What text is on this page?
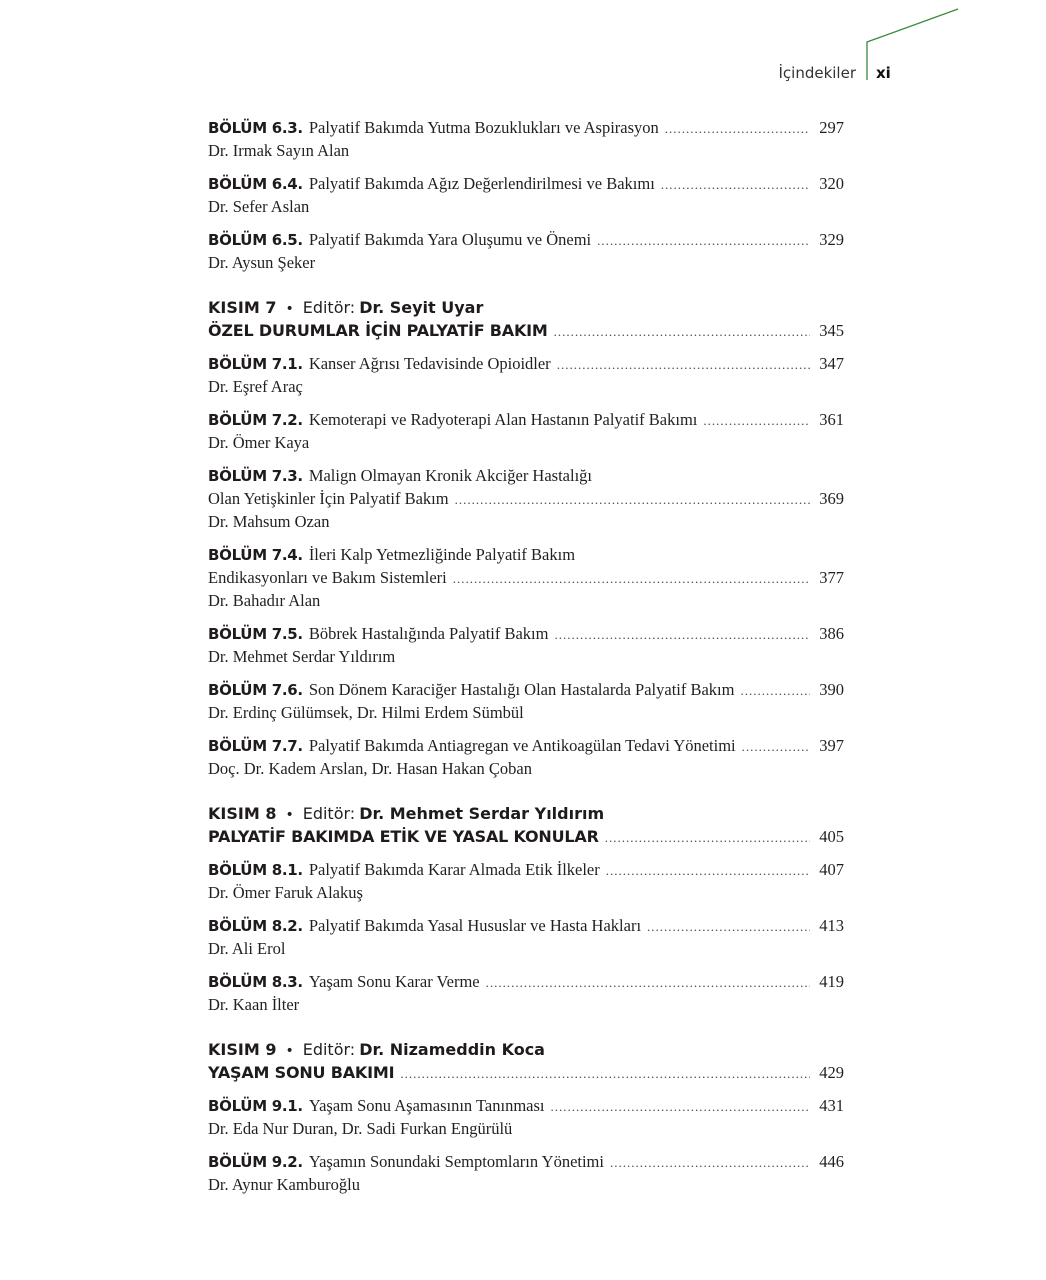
İçindekiler xi
BÖLÜM 6.3. Palyatif Bakımda Yutma Bozuklukları ve Aspirasyon .....	297
Dr. Irmak Sayın Alan
BÖLÜM 6.4. Palyatif Bakımda Ağız Değerlendirilmesi ve Bakımı .....	320
Dr. Sefer Aslan
BÖLÜM 6.5. Palyatif Bakımda Yara Oluşumu ve Önemi .....	329
Dr. Aysun Şeker
KISIM 7 • Editör:
Dr. Seyit Uyar
ÖZEL DURUMLAR İÇİN PALYATİF BAKIM .....	345
BÖLÜM 7.1. Kanser Ağrısı Tedavisinde Opioidler .....	347
Dr. Eşref Araç
BÖLÜM 7.2. Kemoterapi ve Radyoterapi Alan Hastanın Palyatif Bakımı .....	361
Dr. Ömer Kaya
BÖLÜM 7.3. Malign Olmayan Kronik Akciğer Hastalığı
Olan Yetişkinler İçin Palyatif Bakım .....	369
Dr. Mahsum Ozan
BÖLÜM 7.4. İleri Kalp Yetmezliğinde Palyatif Bakım
Endikasyonları ve Bakım Sistemleri .....	377
Dr. Bahadır Alan
BÖLÜM 7.5. Böbrek Hastalığında Palyatif Bakım .....	386
Dr. Mehmet Serdar Yıldırım
BÖLÜM 7.6. Son Dönem Karaciğer Hastalığı Olan Hastalarda Palyatif Bakım .....	390
Dr. Erdinç Gülümsek, Dr. Hilmi Erdem Sümbül
BÖLÜM 7.7. Palyatif Bakımda Antiagregan ve Antikoagülan Tedavi Yönetimi .....	397
Doç. Dr. Kadem Arslan, Dr. Hasan Hakan Çoban
KISIM 8 • Editör:
Dr. Mehmet Serdar Yıldırım
PALYATİF BAKIMDA ETİK VE YASAL KONULAR .....	405
BÖLÜM 8.1. Palyatif Bakımda Karar Almada Etik İlkeler .....	407
Dr. Ömer Faruk Alakuş
BÖLÜM 8.2. Palyatif Bakımda Yasal Hususlar ve Hasta Hakları .....	413
Dr. Ali Erol
BÖLÜM 8.3. Yaşam Sonu Karar Verme .....	419
Dr. Kaan İlter
KISIM 9 • Editör:
Dr. Nizameddin Koca
YAŞAM SONU BAKIMI .....	429
BÖLÜM 9.1. Yaşam Sonu Aşamasının Tanınması .....	431
Dr. Eda Nur Duran, Dr. Sadi Furkan Engürülü
BÖLÜM 9.2. Yaşamın Sonundaki Semptomların Yönetimi .....	446
Dr. Aynur Kamburoğlu
